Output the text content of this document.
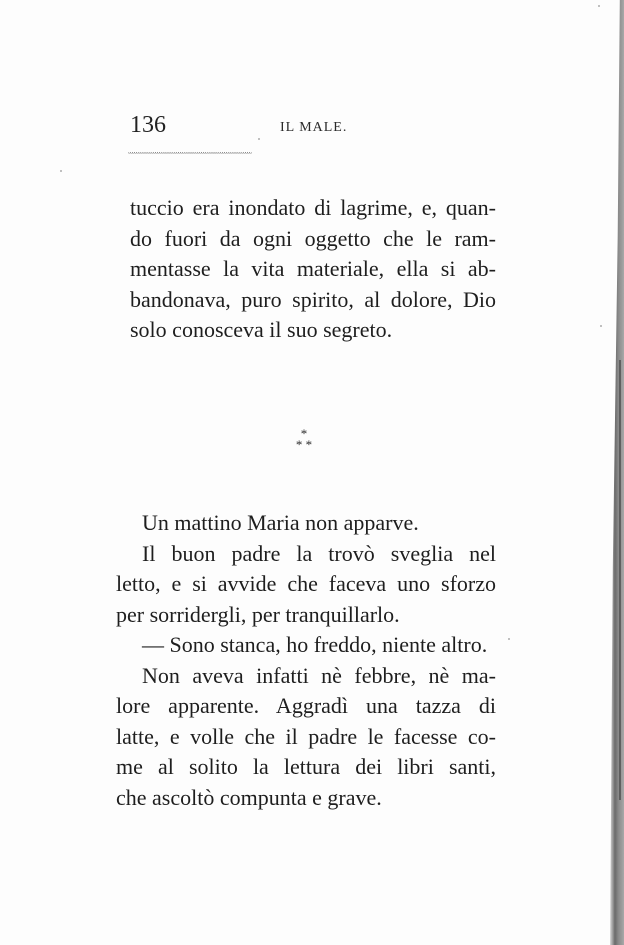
136	IL MALE.
ᵕᵕᵕᵕᵕᵕᵕᵕᵕᵕᵕᵕᵕᵕᵕᵕᵕᵕᵕᵕᵕᵕᵕᵕᵕᵕᵕᵕᵕᵕᵕᵕᵕᵕᵕᵕᵕᵕᵕᵕᵕᵕᵕᵕᵕᵕᵕᵕᵕᵕᵕᵕᵕᵕᵕᵕᵕᵕᵕ
tuccio era inondato di lagrime, e, quan-
do fuori da ogni oggetto che le ram-
mentasse la vita materiale, ella si ab-
bandonava, puro spirito, al dolore, Dio
solo conosceva il suo segreto.
*
* *
Un mattino Maria non apparve.
Il buon padre la trovò sveglia nel
letto, e si avvide che faceva uno sforzo
per sorridergli, per tranquillarlo.
— Sono stanca, ho freddo, niente altro.
Non aveva infatti nè febbre, nè ma-
lore apparente. Aggradì una tazza di
latte, e volle che il padre le facesse co-
me al solito la lettura dei libri santi,
che ascoltò compunta e grave.
